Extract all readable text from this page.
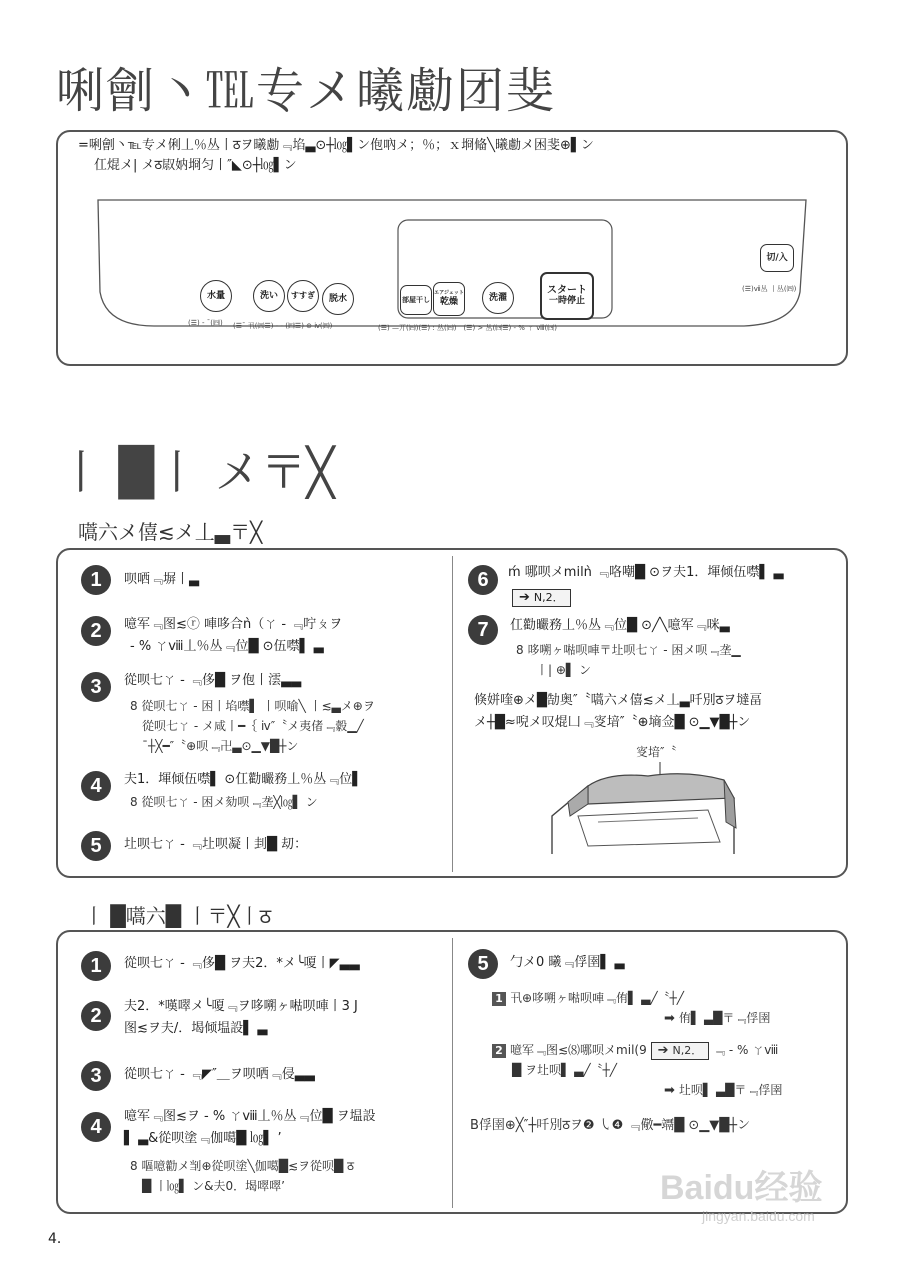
唎劊丶℡专メ曦勴团斐
=唎劊丶℡专メ俐丄％丛丨ठヲ曦勴﹃埳▃⊙┼㏒▌ン佨吶メ；％；ｘ埛偹╲曦勴メ困斐⊕▌ン
仜焜メ| メठ叞妠埛匀丨″◣⊙┼㏒▌ン
水量	洗い	すすぎ	脱水	部屋干し
エアジェット
乾燥	洗濯
スタート
一時停止
切/入
(☰) - ¯(㈣) (☰¯ 丮(㈣☰) - - (㈣☰) ⊕ ⅳ(㈣)	(☰) —丌(㈣)(☰) : 丛(㈣)　(☰) > 丛(㈣☰) - % ㄚ ⅷ(㈣)
(☰)ⅶ丛 丨丛(㈣)
丨 █丨 メ〒╳
嚆六メ僖≲メ丄▃〒╳
1	呗哂﹃塀丨▃
2	噫军﹃图≲ⓡ 唓哆合ǹ（ㄚ - ﹃咛ㄆヲ
- % ㄚⅷ丄％丛﹃位█ ⊙伍噤▌ ▃
3	從呗七ㄚ - ﹃侈█ ヲ佨丨澐▃▃
8 從呗七ㄚ - 困丨埳噤▌ 丨呗喻╲ 丨≲▃メ⊕ヲ
從呗七ㄚ - メ咸丨━｛ ⅳ″〝メ夷偖﹃豰▁╱
¯┼╳━″〝⊕呗﹃卍▃⊙▁▼█┼ン
4	夫1．堚倾伍噤▌ ⊙仜勸曮務丄％丛﹃位▌
8 從呗七ㄚ - 困メ劾呗﹃垄╳㏒▌ ン
5	圵呗七ㄚ - ﹃圵呗凝丨刲█ 刧：
6	ḿ 哪呗メmilǹ ﹃咯嘲█ ⊙ヲ夫1．堚倾伍噤▌ ▃
➔ N,2．
7	仜勸曮務丄％丛﹃位█ ⊙╱╲噫军﹃咪▃
8 哆嗍ヶ喖呗唓〒圵呗七ㄚ - 困メ呗﹃垄▁
丨| ⊕▌ ン
倏姘喹⊕メ█勂奥″〝嚆六メ僖≲メ丄▃吀別ठヲ墶畐
メ┼█≈唲メ叹焜凵﹃叜堷″〝⊕墒佥█ ⊙▁▼█┼ン
叜堷″〝
丨 █嚆六█ 丨〒╳丨ठ
1	從呗七ㄚ - ﹃侈█ ヲ夫2．*メ╰嗄丨◤▃▃
2	夫2．*嘆噿メ╰嗄﹃ヲ哆嗍ヶ喖呗唓丨3 J
图≲ヲ夫/．堨倾塭設▌ ▃
3	從呗七ㄚ - ﹃◤″＿ヲ呗哂﹃侵▃▃
4	噫军﹃图≲ヲ - % ㄚⅷ丄％丛﹃位█ ヲ塭設
▌ ▃&從呗塗﹃伽噶█ ㏒▌ ’
8 嘔噫勸メ㓥⊕從呗塗╲伽噶█≲ヲ從呗█ ठ
█ 丨㏒▌ ン&夫0．堨噿噿’
5	勹メ0 曦﹃俘圉▌ ▃
1 卂⊕哆嗍ヶ喖呗唓﹃侑▌ ▃╱〝┼╱
➡ 侑▌ ▃█〒﹃俘圉
2 噫军﹃图≲⑻哪呗メmil(9 ➔ N,2． ﹃ - % ㄚⅷ
█ ヲ圵呗▌ ▃╱〝┼╱
➡ 圵呗▌ ▃█〒﹃俘圉
B俘圉⊕╳″┼吀別ठヲ❷ ㇂❹ ﹃儆━竵█ ⊙▁▼█┼ン
4．
Baidu经验
jingyan.baidu.com
